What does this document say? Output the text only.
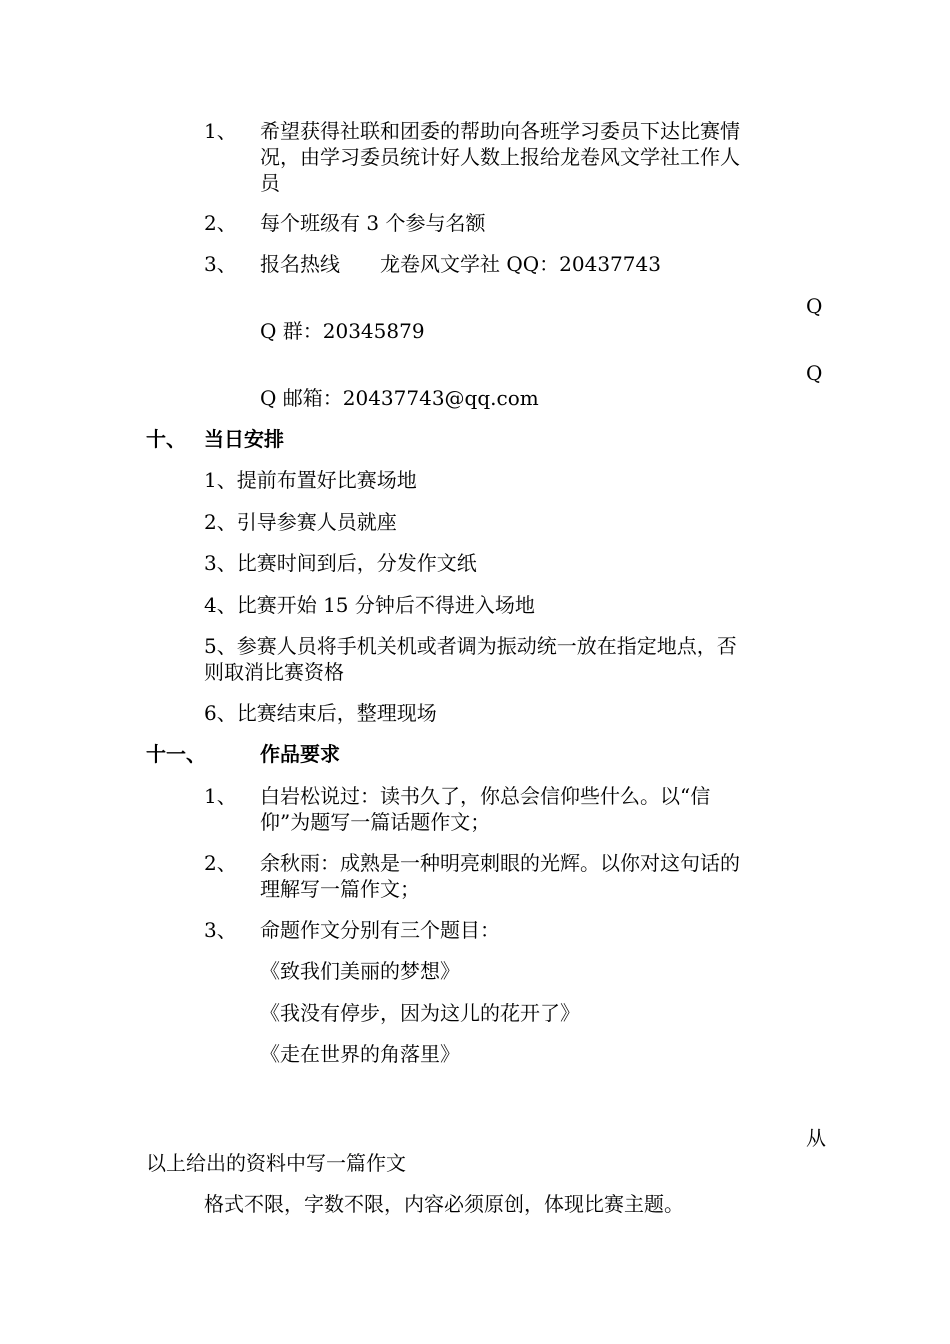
1、 希望获得社联和团委的帮助向各班学习委员下达比赛情
况，由学习委员统计好人数上报给龙卷风文学社工作人
员
2、 每个班级有 3 个参与名额
3、 报名热线　　龙卷风文学社 QQ：20437743
Q
Q 群：20345879
Q
Q 邮箱：20437743@qq.com
十、 当日安排
1、提前布置好比赛场地
2、引导参赛人员就座
3、比赛时间到后，分发作文纸
4、比赛开始 15 分钟后不得进入场地
5、参赛人员将手机关机或者调为振动统一放在指定地点，否
则取消比赛资格
6、比赛结束后，整理现场
十一、	作品要求
1、 白岩松说过：读书久了，你总会信仰些什么。以“信
仰”为题写一篇话题作文；
2、 余秋雨：成熟是一种明亮刺眼的光辉。以你对这句话的
理解写一篇作文；
3、 命题作文分别有三个题目：
《致我们美丽的梦想》
《我没有停步，因为这儿的花开了》
《走在世界的角落里》
从
以上给出的资料中写一篇作文
格式不限，字数不限，内容必须原创，体现比赛主题。
